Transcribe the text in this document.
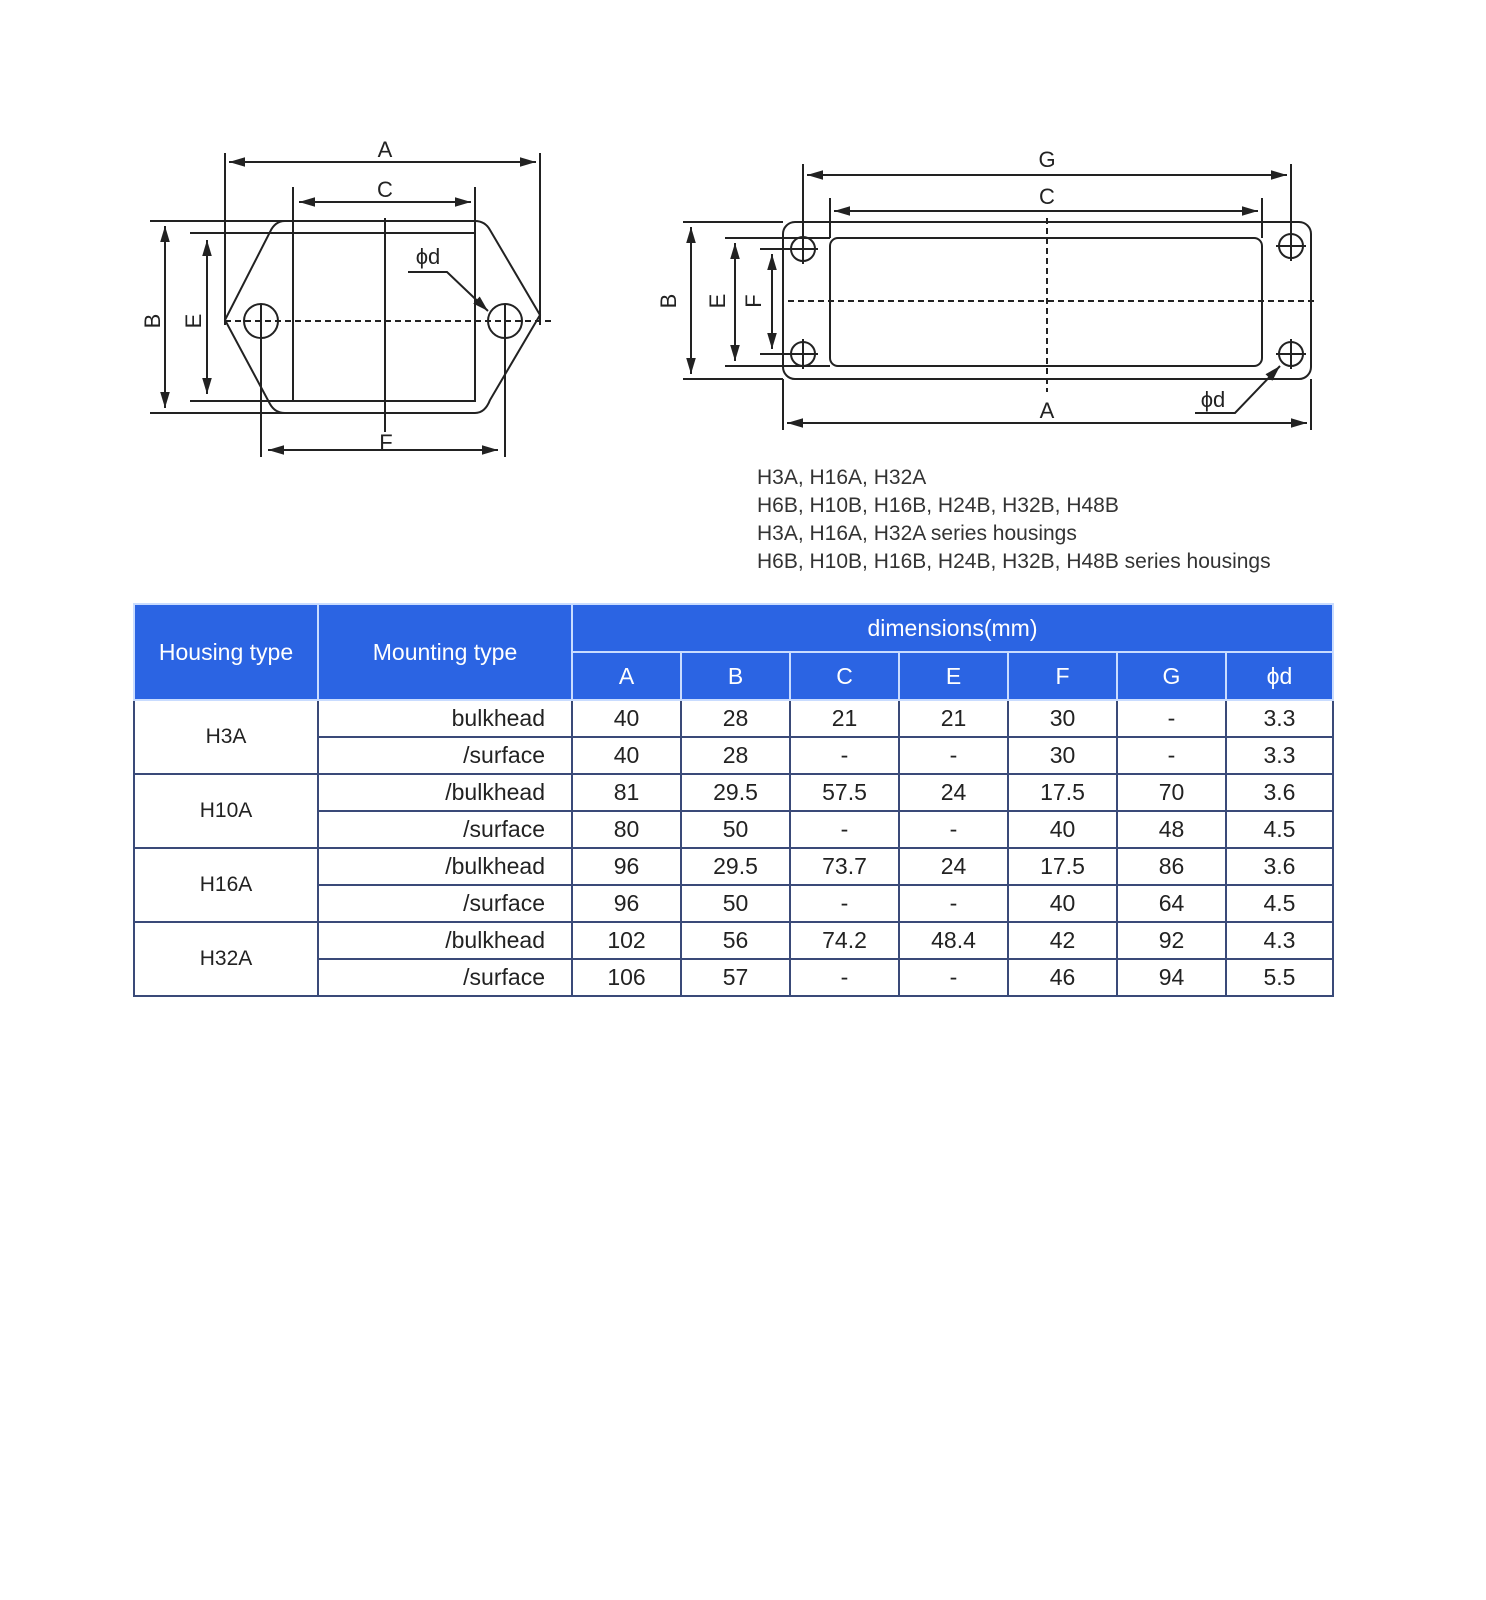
A
C
ϕd
F
B E
G
C
A	ϕd
B E F
H3A, H16A, H32A
H6B, H10B, H16B, H24B, H32B, H48B
H3A, H16A, H32A series housings
H6B, H10B, H16B, H24B, H32B, H48B series housings
Housing type	Mounting type	dimensions(mm)						
		A	B	C	E	F	G	ϕd
H3A	bulkhead	40	28	21	21	30	-	3.3
	/surface	40	28	-	-	30	-	3.3
H10A	/bulkhead	81	29.5	57.5	24	17.5	70	3.6
	/surface	80	50	-	-	40	48	4.5
H16A	/bulkhead	96	29.5	73.7	24	17.5	86	3.6
	/surface	96	50	-	-	40	64	4.5
H32A	/bulkhead	102	56	74.2	48.4	42	92	4.3
	/surface	106	57	-	-	46	94	5.5
